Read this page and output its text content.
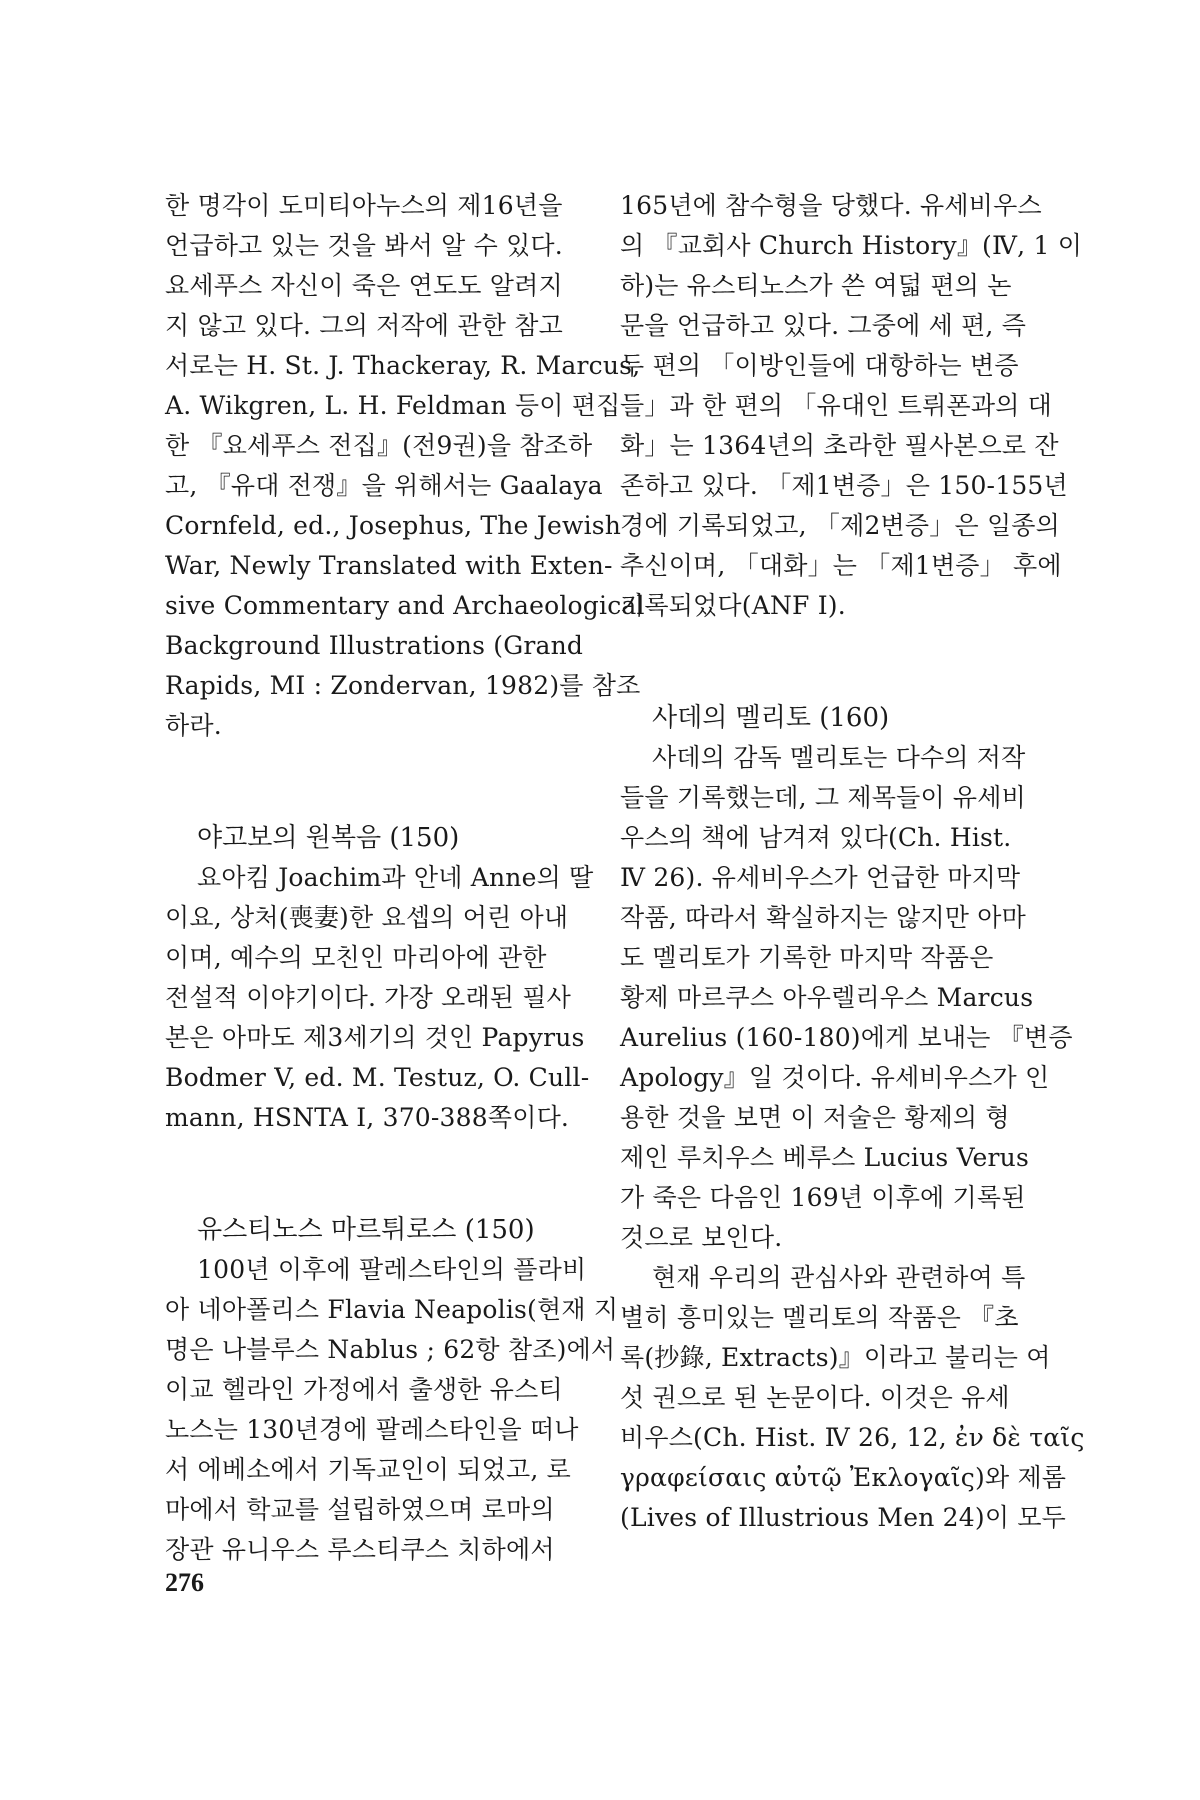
한 명각이 도미티아누스의 제16년을

언급하고 있는 것을 봐서 알 수 있다.

요세푸스 자신이 죽은 연도도 알려지

지 않고 있다. 그의 저작에 관한 참고

서로는 H. St. J. Thackeray, R. Marcus,

A. Wikgren, L. H. Feldman 등이 편집

한 『요세푸스 전집』(전9권)을 참조하

고, 『유대 전쟁』을 위해서는 Gaalaya

Cornfeld, ed., Josephus, The Jewish

War, Newly Translated with Exten-

sive Commentary and Archaeological

Background Illustrations (Grand

Rapids, MI : Zondervan, 1982)를 참조

하라.

야고보의 원복음 (150)

요아킴 Joachim과 안네 Anne의 딸

이요, 상처(喪妻)한 요셉의 어린 아내

이며, 예수의 모친인 마리아에 관한

전설적 이야기이다. 가장 오래된 필사

본은 아마도 제3세기의 것인 Papyrus

Bodmer V, ed. M. Testuz, O. Cull-

mann, HSNTA Ⅰ, 370-388쪽이다.

유스티노스 마르튀로스 (150)

100년 이후에 팔레스타인의 플라비

아 네아폴리스 Flavia Neapolis(현재 지

명은 나블루스 Nablus ; 62항 참조)에서

이교 헬라인 가정에서 출생한 유스티

노스는 130년경에 팔레스타인을 떠나

서 에베소에서 기독교인이 되었고, 로

마에서 학교를 설립하였으며 로마의

장관 유니우스 루스티쿠스 치하에서

165년에 참수형을 당했다. 유세비우스

의 『교회사 Church History』(Ⅳ, 1 이

하)는 유스티노스가 쓴 여덟 편의 논

문을 언급하고 있다. 그중에 세 편, 즉

두 편의 「이방인들에 대항하는 변증

들」과 한 편의 「유대인 트뤼폰과의 대

화」는 1364년의 초라한 필사본으로 잔

존하고 있다. 「제1변증」은 150-155년

경에 기록되었고, 「제2변증」은 일종의

추신이며, 「대화」는 「제1변증」 후에

기록되었다(ANF Ⅰ).

사데의 멜리토 (160)

사데의 감독 멜리토는 다수의 저작

들을 기록했는데, 그 제목들이 유세비

우스의 책에 남겨져 있다(Ch. Hist.

Ⅳ 26). 유세비우스가 언급한 마지막

작품, 따라서 확실하지는 않지만 아마

도 멜리토가 기록한 마지막 작품은

황제 마르쿠스 아우렐리우스 Marcus

Aurelius (160-180)에게 보내는 『변증

Apology』일 것이다. 유세비우스가 인

용한 것을 보면 이 저술은 황제의 형

제인 루치우스 베루스 Lucius Verus

가 죽은 다음인 169년 이후에 기록된

것으로 보인다.

현재 우리의 관심사와 관련하여 특

별히 흥미있는 멜리토의 작품은 『초

록(抄錄, Extracts)』이라고 불리는 여

섯 권으로 된 논문이다. 이것은 유세

비우스(Ch. Hist. Ⅳ 26, 12, ἐν δὲ ταῖς

γραφείσαις αὐτῷ Ἐκλογαῖς)와 제롬

(Lives of Illustrious Men 24)이 모두

276
